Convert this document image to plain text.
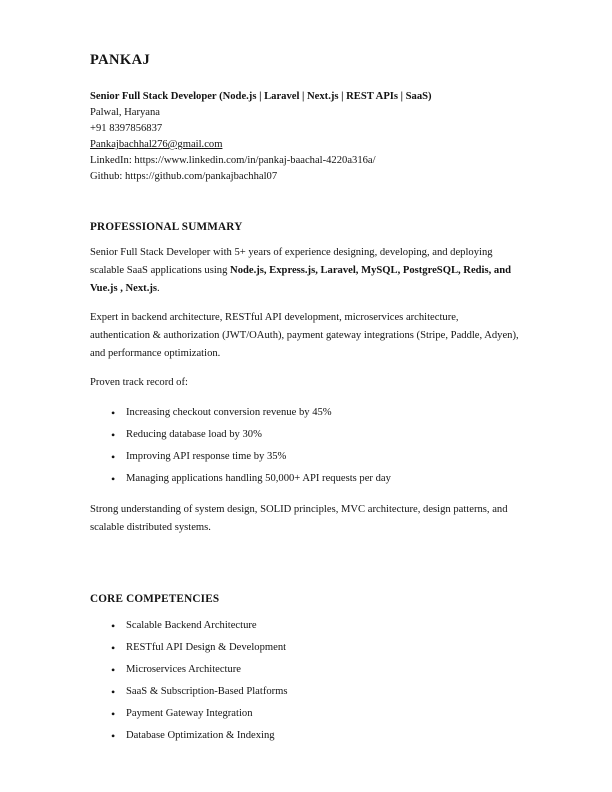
PANKAJ
Senior Full Stack Developer (Node.js | Laravel | Next.js | REST APIs | SaaS)
Palwal, Haryana
+91 8397856837
Pankajbachhal276@gmail.com
LinkedIn: https://www.linkedin.com/in/pankaj-baachal-4220a316a/
Github: https://github.com/pankajbachhal07
PROFESSIONAL SUMMARY

Senior Full Stack Developer with 5+ years of experience designing, developing, and deploying scalable SaaS applications using Node.js, Express.js, Laravel, MySQL, PostgreSQL, Redis, and Vue.js , Next.js.

Expert in backend architecture, RESTful API development, microservices architecture, authentication & authorization (JWT/OAuth), payment gateway integrations (Stripe, Paddle, Adyen), and performance optimization.

Proven track record of:

• Increasing checkout conversion revenue by 45%
• Reducing database load by 30%
• Improving API response time by 35%
• Managing applications handling 50,000+ API requests per day

Strong understanding of system design, SOLID principles, MVC architecture, design patterns, and scalable distributed systems.

CORE COMPETENCIES
• Scalable Backend Architecture
• RESTful API Design & Development
• Microservices Architecture
• SaaS & Subscription-Based Platforms
• Payment Gateway Integration
• Database Optimization & Indexing
